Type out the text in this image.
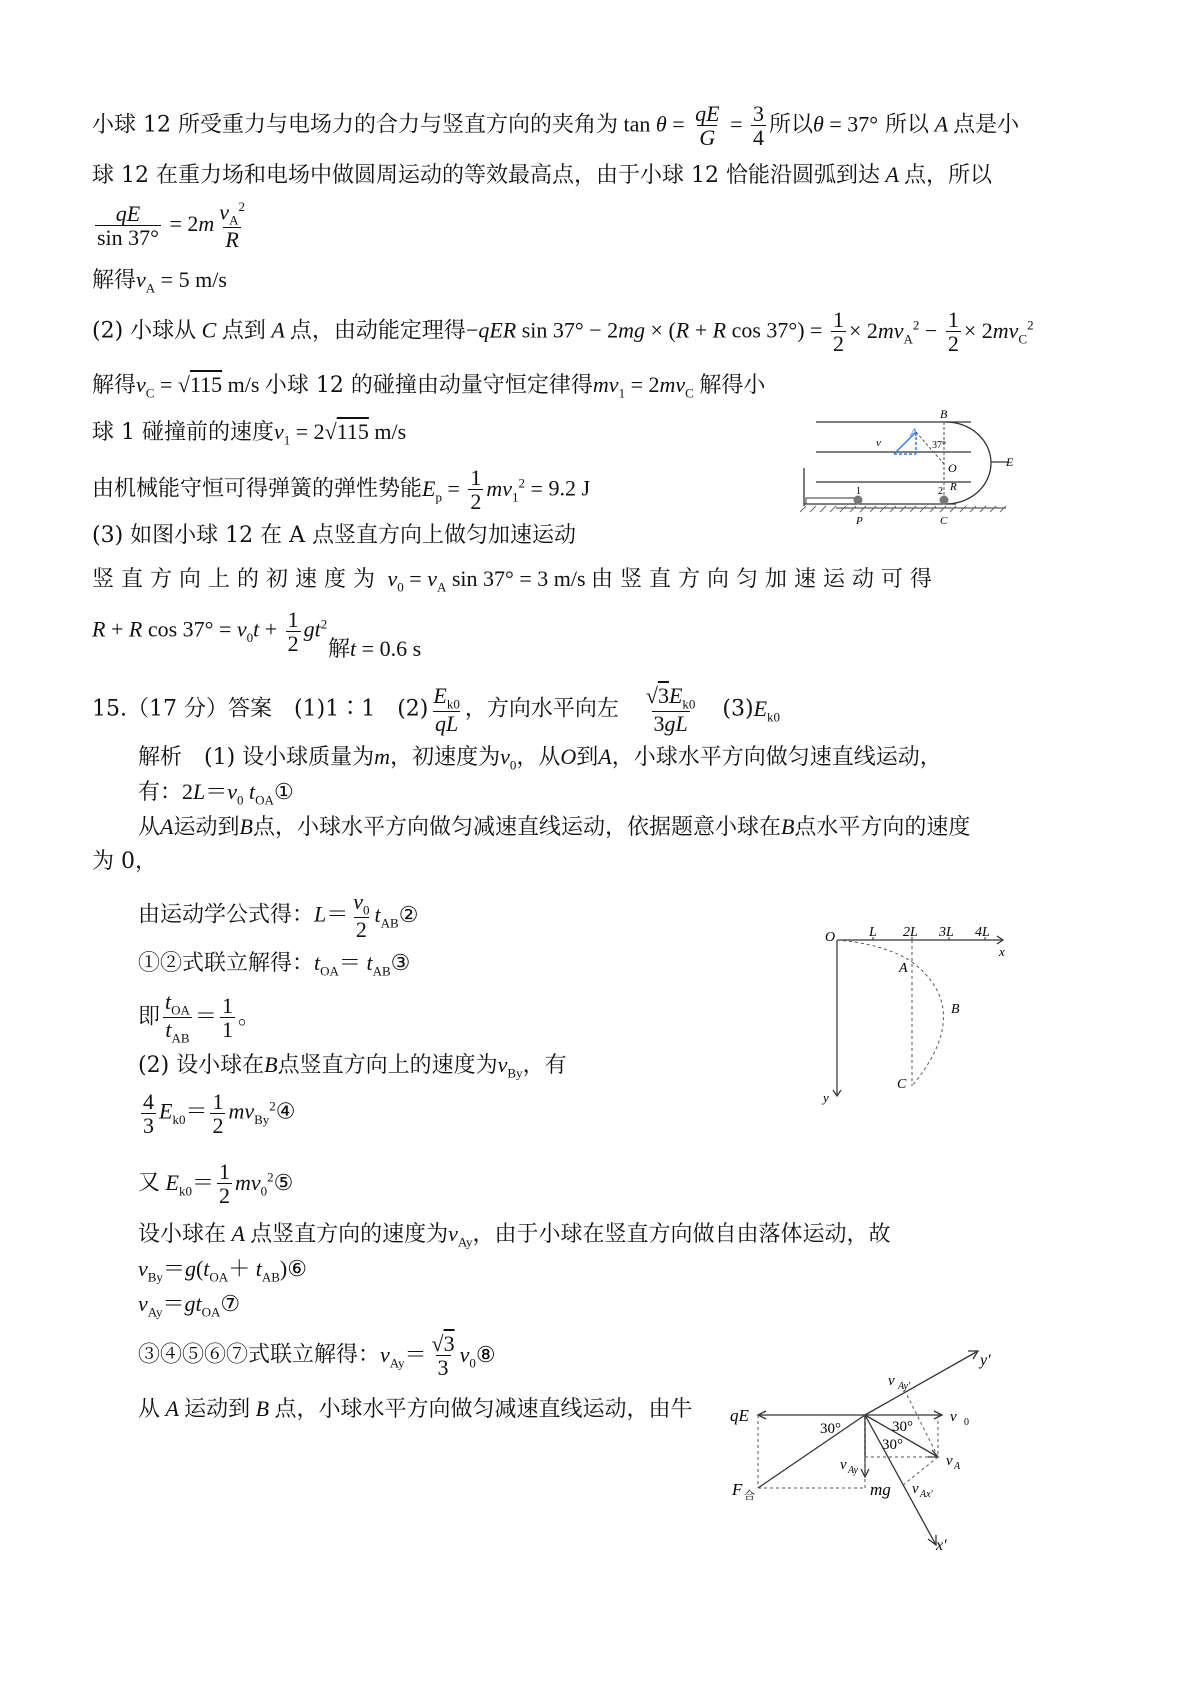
小球 12 所受重力与电场力的合力与竖直方向的夹角为 $\tan \theta = \frac{qE}{G} = \frac{3}{4}$ 所以θ = 37° 所以 A 点是小
球 12 在重力场和电场中做圆周运动的等效最高点，由于小球 12 恰能沿圆弧到达 A 点，所以
$\frac{qE}{\sin 37^\circ} = 2m \frac{v_A^2}{R}$
解得$v_A = 5$ m/s
(2) 小球从 C 点到 A 点，由动能定理得−qER sin 37° − 2mg × (R + R $\cos 37^\circ) = \frac{1}{2} \times 2mv_A^2 - \frac{1}{2} \times 2mv_C^2$
解得$v_C = √115$ m/s 小球 12 的碰撞由动量守恒定律得$mv_1 = 2mv_C$ 解得小
球 1 碰撞前的速度$v_1 = 2√115$ m/s
由机械能守恒可得弹簧的弹性势能$E_p = \frac{1}{2} mv_1^2 = 9.2$ J
(3) 如图小球 12 在 A 点竖直方向上做匀加速运动
竖直方向上的初速度为 $v_0 = v_A$ sin 37° = 3 m/s 由竖直方向匀加速运动可得
R + R $\cos 37^\circ = v_0t + \frac{1}{2} gt^2$
解t = 0.6 s
B
A
v	37°
O	E
R
1	2
P	C
15.（17 分）答案　 (1)1∶1　 $(2) \frac{E_{k0}}{qL}$ ，方向水平向左　 $\frac{√3E_{k0}}{3gL}$
　 $(3)E_{k0}$
解析　(1) 设小球质量为m，初速度为$v_0$，从O到A，小球水平方向做匀速直线运动，
有：$2L=v_0$ $t_{OA}①$
从A运动到B点，小球水平方向做匀减速直线运动，依据题意小球在B点水平方向的速度
为 0，
由运动学公式得：$L= \frac{v_0}{2}$ $t_{AB}②$
①②式联立解得：$t_{OA}=$ $t_{AB}③$
即 $\frac{t_{OA}}{t_{AB}} = \frac{1}{1}$ 。
(2) 设小球在B点竖直方向上的速度为$v_{By}$，有
$\frac{4}{3} E_{k0}= \frac{1}{2}$ $mv_{By}^2④$
又 $E_{k0}= \frac{1}{2}$ $mv_0^2⑤$
设小球在 A 点竖直方向的速度为$v_{Ay}$，由于小球在竖直方向做自由落体运动，故
$v_{By}=g(t_{OA}+$ $t_{AB})⑥$
$v_{Ay}=gt_{OA}⑦$
③④⑤⑥⑦式联立解得：$v_{Ay}= \frac{√3}{3}$ $v_0⑧$
从 A 运动到 B 点，小球水平方向做匀减速直线运动，由牛
O L 2L 3L 4L
x
A
B
C
y
qE	v 0
30°	30°
30°
v Ay′
y′
v A
v Ay
mg v Ax′
F 合
x′
